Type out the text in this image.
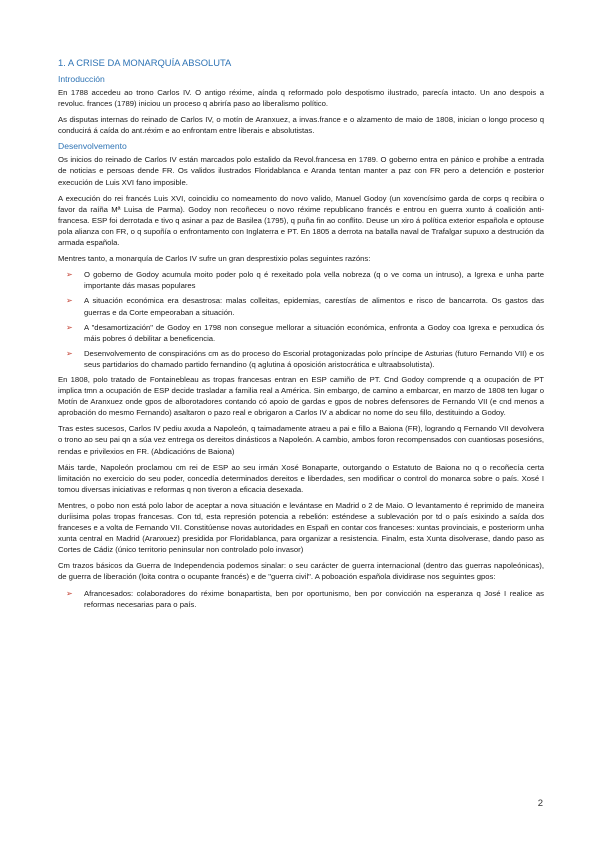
1. A CRISE DA MONARQUÍA ABSOLUTA
Introducción

En 1788 accedeu ao trono Carlos IV. O antigo réxime, aínda q reformado polo despotismo ilustrado, parecía intacto. Un ano despois a revoluc. frances (1789) iniciou un proceso q abriría paso ao liberalismo político.

As disputas internas do reinado de Carlos IV, o motín de Aranxuez, a invas.france e o alzamento de maio de 1808, inician o longo proceso q conducirá á caída do ant.réxim e ao enfrontam entre liberais e absolutistas.

Desenvolvemento

Os inicios do reinado de Carlos IV están marcados polo estalido da Revol.francesa en 1789. O goberno entra en pánico e prohibe a entrada de noticias e persoas dende FR. Os validos ilustrados Floridablanca e Aranda tentan manter a paz con FR pero a detención e posterior execución de Luis XVI fano imposible.

A execución do rei francés Luis XVI, coincidiu co nomeamento do novo valido, Manuel Godoy (un xovencísimo garda de corps q recibira o favor da raíña Mª Luisa de Parma). Godoy non recoñeceu o novo réxime republicano francés e entrou en guerra xunto á coalición anti-francesa. ESP foi derrotada e tivo q asinar a paz de Basilea (1795), q puña fin ao conflito. Deuse un xiro á política exterior española e optouse pola alianza con FR, o q supoñía o enfrontamento con Inglaterra e PT. En 1805 a derrota na batalla naval de Trafalgar supuxo a destrución da armada española.

Mentres tanto, a monarquía de Carlos IV sufre un gran desprestixio polas seguintes razóns:

➢ O goberno de Godoy acumula moito poder polo q é rexeitado pola vella nobreza (q o ve coma un intruso), a Igrexa e unha parte importante dás masas populares
➢ A situación económica era desastrosa: malas colleitas, epidemias, carestías de alimentos e risco de bancarrota. Os gastos das guerras e da Corte empeoraban a situación.
➢ A "desamortización" de Godoy en 1798 non consegue mellorar a situación económica, enfronta a Godoy coa Igrexa e perxudica ós máis pobres ó debilitar a beneficencia.
➢ Desenvolvemento de conspiracións cm as do proceso do Escorial protagonizadas polo príncipe de Asturias (futuro Fernando VII) e os seus partidarios do chamado partido fernandino (q aglutina á oposición aristocrática e ultraabsolutista).

En 1808, polo tratado de Fontainebleau as tropas francesas entran en ESP camiño de PT. Cnd Godoy comprende q a ocupación de PT implica tmn a ocupación de ESP decide trasladar a familia real a América. Sin embargo, de camino a embarcar, en marzo de 1808 ten lugar o Motín de Aranxuez onde gpos de alborotadores contando có apoio de gardas e gpos de nobres defensores de Fernando VII (e cnd menos a aprobación do mesmo Fernando) asaltaron o pazo real e obrigaron a Carlos IV a abdicar no nome do seu fillo, destituindo a Godoy.

Tras estes sucesos, Carlos IV pediu axuda a Napoleón, q taimadamente atraeu a pai e fillo a Baiona (FR), logrando q Fernando VII devolvera o trono ao seu pai qn a súa vez entrega os dereitos dinásticos a Napoleón. A cambio, ambos foron recompensados con cuantiosas posesións, rendas e privilexios en FR. (Abdicacións de Baiona)

Máis tarde, Napoleón proclamou cm rei de ESP ao seu irmán Xosé Bonaparte, outorgando o Estatuto de Baiona no q o recoñecía certa limitación no exercicio do seu poder, concedía determinados dereitos e liberdades, sen modificar o control do monarca sobre o país. Xosé I tomou diversas iniciativas e reformas q non tiveron a eficacia desexada.

Mentres, o pobo non está polo labor de aceptar a nova situación e levántase en Madrid o 2 de Maio. O levantamento é reprimido de maneira duríisima polas tropas francesas. Con td, esta represión potencia a rebelión: esténdese a sublevación por td o país esixindo a saída dos franceses e a volta de Fernando VII. Constitúense novas autoridades en Españ en contar cos franceses: xuntas provinciais, e posteriorm unha xunta central en Madrid (Aranxuez) presidida por Floridablanca, para organizar a resistencia. Finalm, esta Xunta disolverase, dando paso as Cortes de Cádiz (único territorio peninsular non controlado polo invasor)

Cm trazos básicos da Guerra de Independencia podemos sinalar: o seu carácter de guerra internacional (dentro das guerras napoleónicas), de guerra de liberación (loita contra o ocupante francés) e de "guerra civil". A poboación española dividirase nos seguintes gpos:

➢ Afrancesados: colaboradores do réxime bonapartista, ben por oportunismo, ben por convicción na esperanza q José I realice as reformas necesarias para o país.
2
